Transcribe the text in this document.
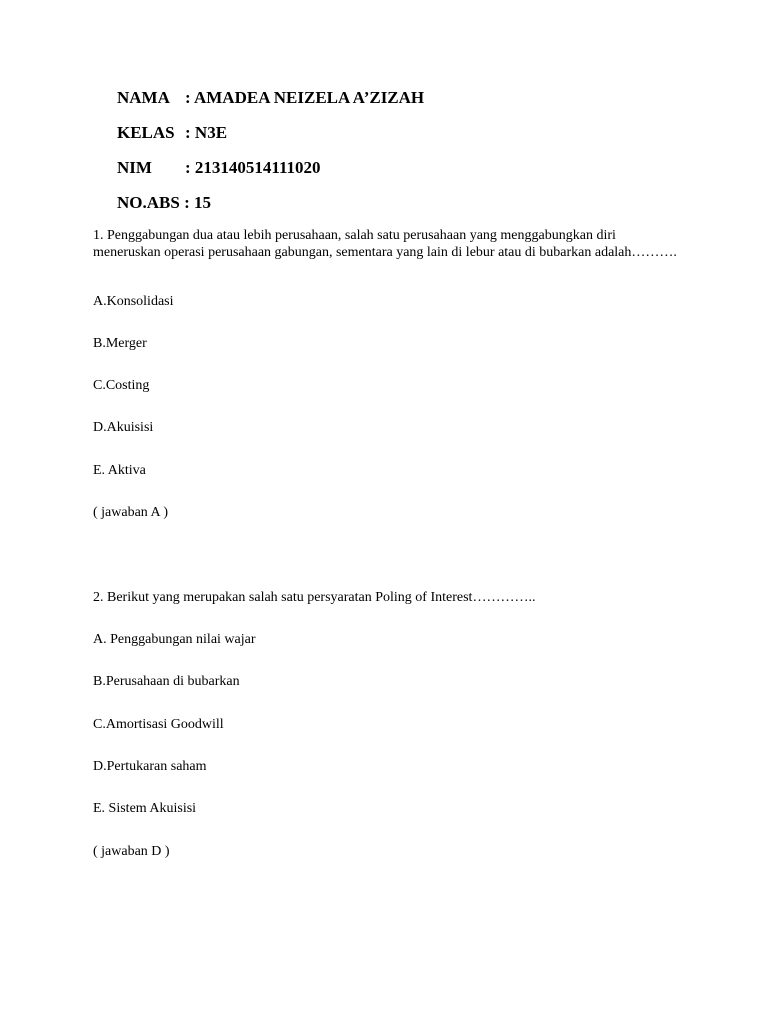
NAMA : AMADEA NEIZELA A’ZIZAH
KELAS : N3E
NIM : 213140514111020
NO.ABS : 15
1. Penggabungan dua atau lebih perusahaan, salah satu perusahaan yang menggabungkan diri meneruskan operasi perusahaan gabungan, sementara yang lain di lebur atau di bubarkan adalah……….
A.Konsolidasi
B.Merger
C.Costing
D.Akuisisi
E. Aktiva
( jawaban A )
2. Berikut yang merupakan salah satu persyaratan Poling of Interest…………..
A. Penggabungan nilai wajar
B.Perusahaan di bubarkan
C.Amortisasi Goodwill
D.Pertukaran saham
E. Sistem Akuisisi
( jawaban D )
